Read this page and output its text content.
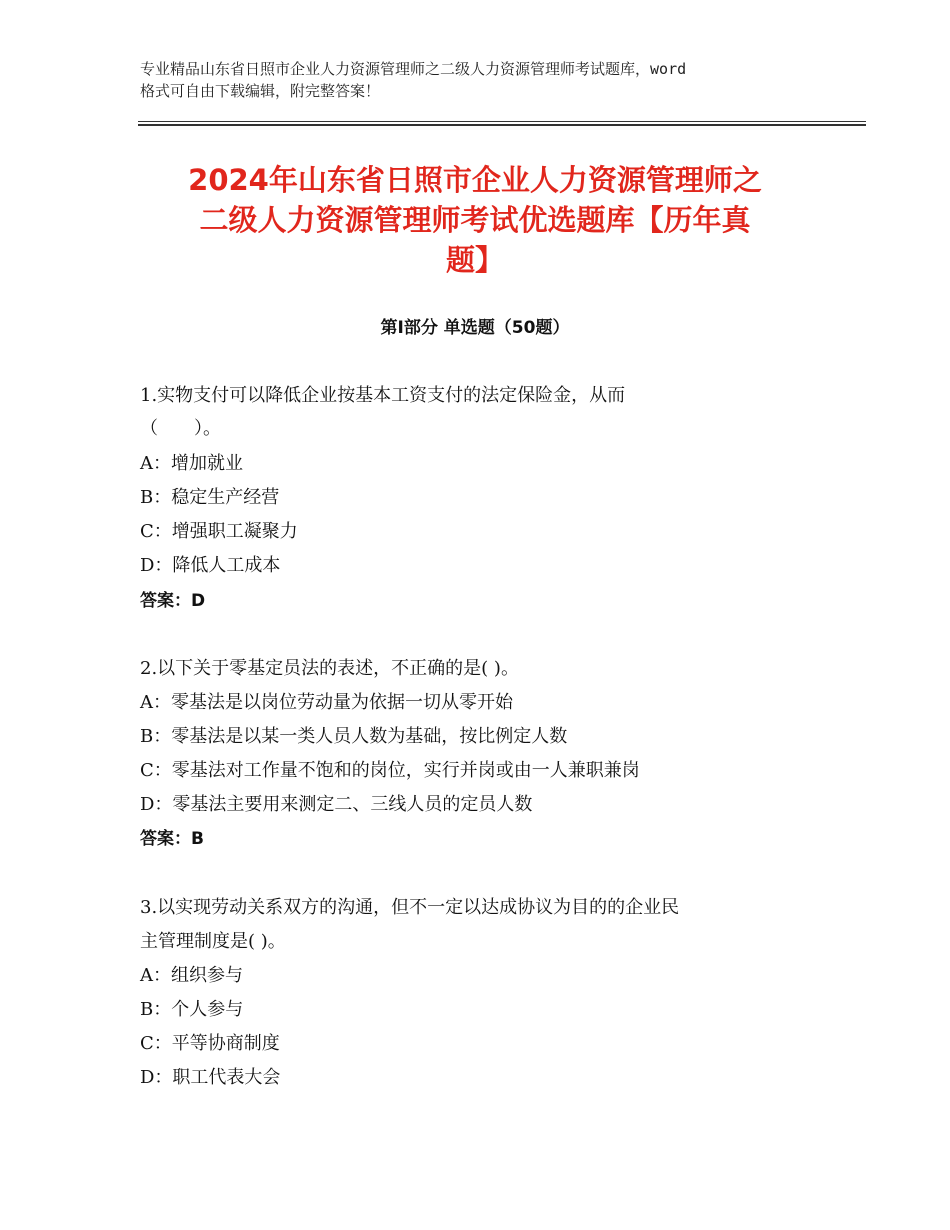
专业精品山东省日照市企业人力资源管理师之二级人力资源管理师考试题库，word
格式可自由下载编辑，附完整答案！
2024年山东省日照市企业人力资源管理师之
二级人力资源管理师考试优选题库【历年真
题】
第Ⅰ部分 单选题（50题）
1.实物支付可以降低企业按基本工资支付的法定保险金，从而
（　　）。
A：增加就业
B：稳定生产经营
C：增强职工凝聚力
D：降低人工成本
答案：D
2.以下关于零基定员法的表述，不正确的是( )。
A：零基法是以岗位劳动量为依据一切从零开始
B：零基法是以某一类人员人数为基础，按比例定人数
C：零基法对工作量不饱和的岗位，实行并岗或由一人兼职兼岗
D：零基法主要用来测定二、三线人员的定员人数
答案：B
3.以实现劳动关系双方的沟通，但不一定以达成协议为目的的企业民
主管理制度是( )。
A：组织参与
B：个人参与
C：平等协商制度
D：职工代表大会
